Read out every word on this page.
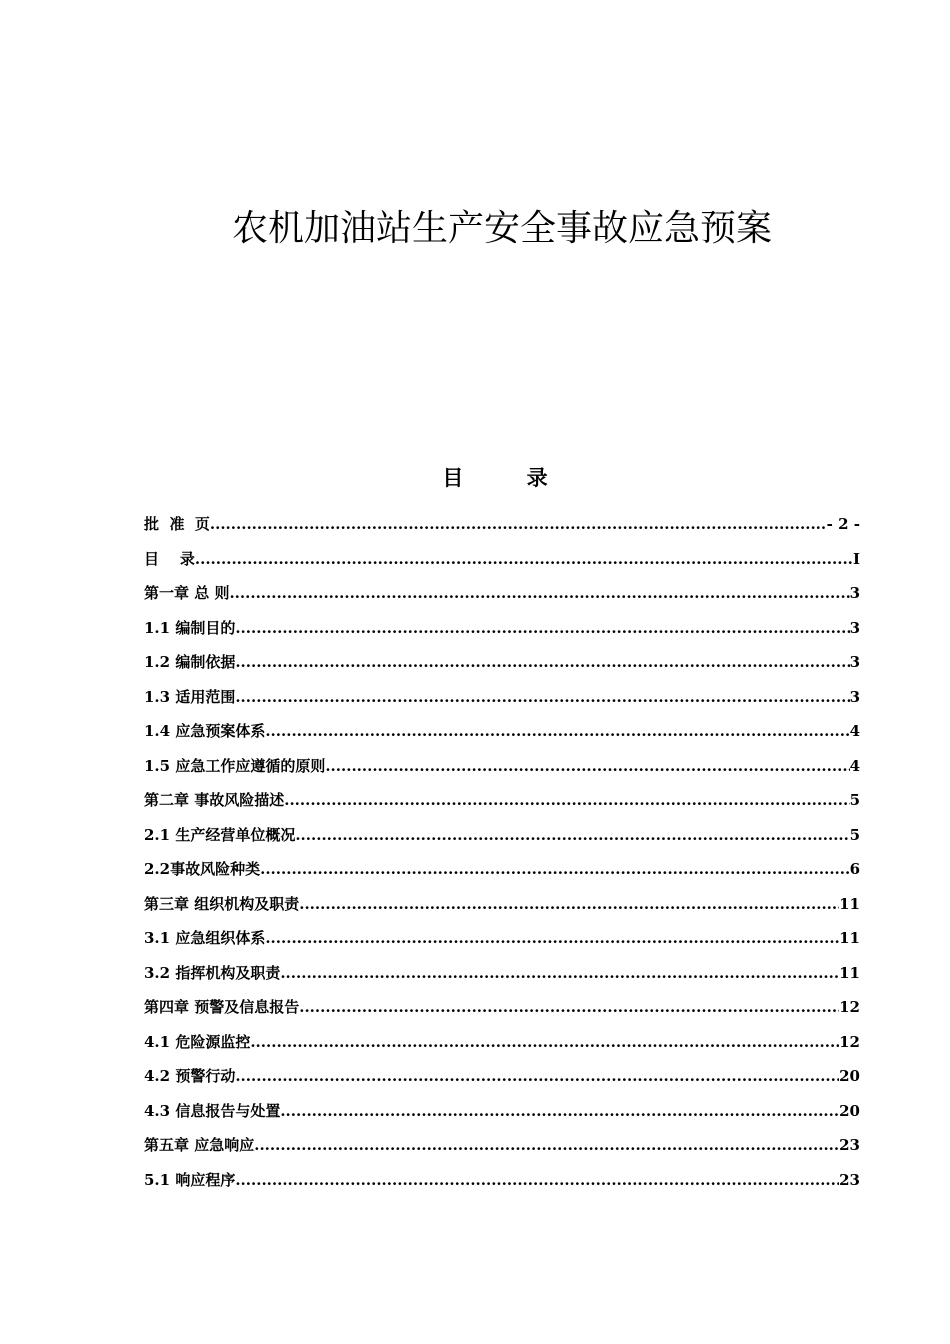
农机加油站生产安全事故应急预案
目 录
批  准  页 .....	- 2 -
目    录 .....	I
第一章 总 则 .....	3
1.1 编制目的 .....	3
1.2 编制依据 .....	3
1.3 适用范围 .....	3
1.4 应急预案体系 .....	4
1.5 应急工作应遵循的原则 .....	4
第二章 事故风险描述 .....	5
2.1 生产经营单位概况 .....	5
2.2事故风险种类 .....	6
第三章 组织机构及职责 .....	11
3.1 应急组织体系 .....	11
3.2 指挥机构及职责 .....	11
第四章 预警及信息报告 .....	12
4.1 危险源监控 .....	12
4.2 预警行动 .....	20
4.3 信息报告与处置 .....	20
第五章 应急响应 .....	23
5.1 响应程序 .....	23
